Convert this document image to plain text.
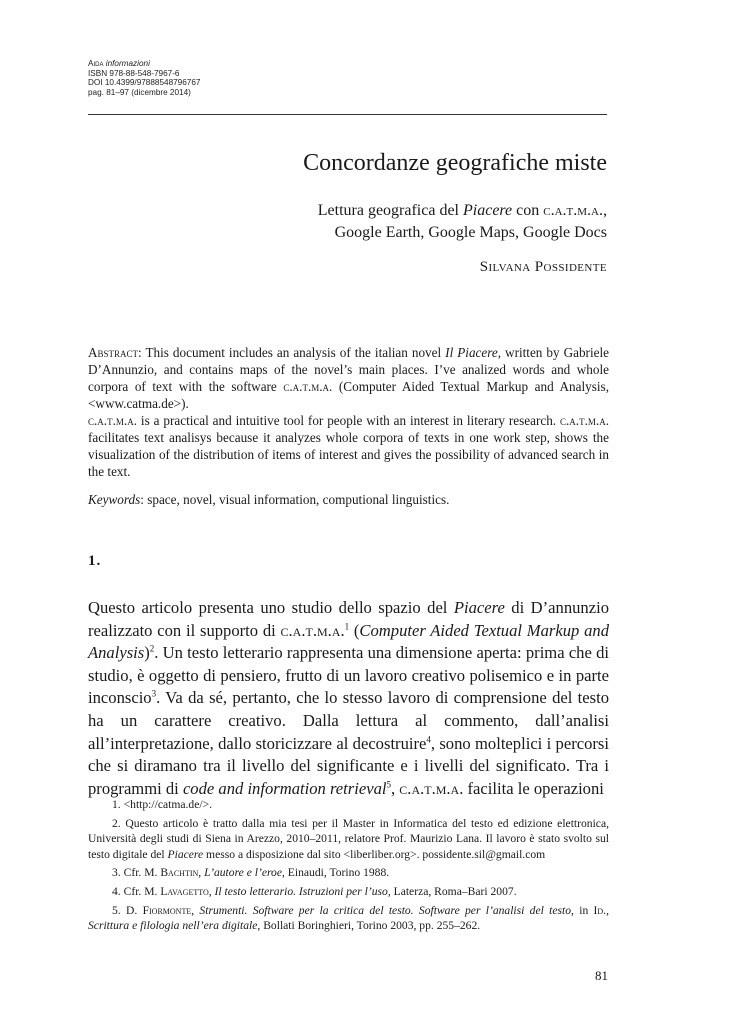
Aida informazioni
ISBN 978-88-548-7967-6
DOI 10.4399/97888548796767
pag. 81–97 (dicembre 2014)
Concordanze geografiche miste
Lettura geografica del Piacere con c.a.t.m.a.,
Google Earth, Google Maps, Google Docs
Silvana Possidente

Abstract: This document includes an analysis of the italian novel Il Piacere, written by Gabriele D’Annunzio, and contains maps of the novel’s main places. I’ve analized words and whole corpora of text with the software c.a.t.m.a. (Computer Aided Textual Markup and Analysis, <www.catma.de>).

c.a.t.m.a. is a practical and intuitive tool for people with an interest in literary research. c.a.t.m.a. facilitates text analisys because it analyzes whole corpora of texts in one work step, shows the visualization of the distribution of items of interest and gives the possibility of advanced search in the text.

Keywords: space, novel, visual information, computional linguistics.
1.

Questo articolo presenta uno studio dello spazio del Piacere di D’annunzio realizzato con il supporto di c.a.t.m.a.$^1$ (Computer Aided Textual Markup and Analysis)$^2$. Un testo letterario rappresenta una dimensione aperta: prima che di studio, è oggetto di pensiero, frutto di un lavoro creativo polisemico e in parte inconscio$^3$. Va da sé, pertanto, che lo stesso lavoro di comprensione del testo ha un carattere creativo. Dalla lettura al commento, dall’analisi all’interpretazione, dallo storicizzare al decostruire$^4$, sono molteplici i percorsi che si diramano tra il livello del significante e i livelli del significato. Tra i programmi di code and information retrieval$^5$, c.a.t.m.a. facilita le operazioni

1. <http://catma.de/>.

2. Questo articolo è tratto dalla mia tesi per il Master in Informatica del testo ed edizione elettronica, Università degli studi di Siena in Arezzo, 2010–2011, relatore Prof. Maurizio Lana. Il lavoro è stato svolto sul testo digitale del Piacere messo a disposizione dal sito <liberliber.org>. possidente.sil@gmail.com

3. Cfr. M. Bachtin, L’autore e l’eroe, Einaudi, Torino 1988.

4. Cfr. M. Lavagetto, Il testo letterario. Istruzioni per l’uso, Laterza, Roma–Bari 2007.

5. D. Fiormonte, Strumenti. Software per la critica del testo. Software per l’analisi del testo, in Id., Scrittura e filologia nell’era digitale, Bollati Boringhieri, Torino 2003, pp. 255–262.

81
